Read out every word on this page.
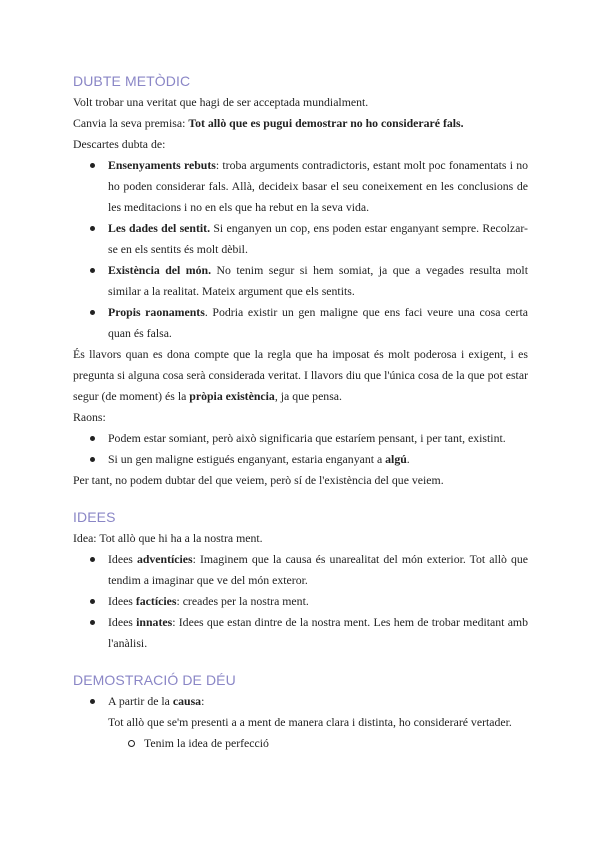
DUBTE METÒDIC

Volt trobar una veritat que hagi de ser acceptada mundialment.

Canvia la seva premisa: Tot allò que es pugui demostrar no ho consideraré fals.

Descartes dubta de:

Ensenyaments rebuts: troba arguments contradictoris, estant molt poc fonamentats i no ho poden considerar fals. Allà, decideix basar el seu coneixement en les conclusions de les meditacions i no en els que ha rebut en la seva vida.
Les dades del sentit. Si enganyen un cop, ens poden estar enganyant sempre. Recolzar-se en els sentits és molt dèbil.
Existència del món. No tenim segur si hem somiat, ja que a vegades resulta molt similar a la realitat. Mateix argument que els sentits.
Propis raonaments. Podria existir un gen maligne que ens faci veure una cosa certa quan és falsa.

És llavors quan es dona compte que la regla que ha imposat és molt poderosa i exigent, i es pregunta si alguna cosa serà considerada veritat. I llavors diu que l'única cosa de la que pot estar segur (de moment) és la pròpia existència, ja que pensa.

Raons:

Podem estar somiant, però això significaria que estaríem pensant, i per tant, existint.
Si un gen maligne estigués enganyant, estaria enganyant a algú.

Per tant, no podem dubtar del que veiem, però sí de l'existència del que veiem.

IDEES

Idea: Tot allò que hi ha a la nostra ment.

Idees adventícies: Imaginem que la causa és unarealitat del món exterior. Tot allò que tendim a imaginar que ve del món exteror.
Idees factícies: creades per la nostra ment.
Idees innates: Idees que estan dintre de la nostra ment. Les hem de trobar meditant amb l'anàlisi.
DEMOSTRACIÓ DE DÉU
A partir de la causa:

Tot allò que se'm presenti a a ment de manera clara i distinta, ho consideraré vertader.

Tenim la idea de perfecció
